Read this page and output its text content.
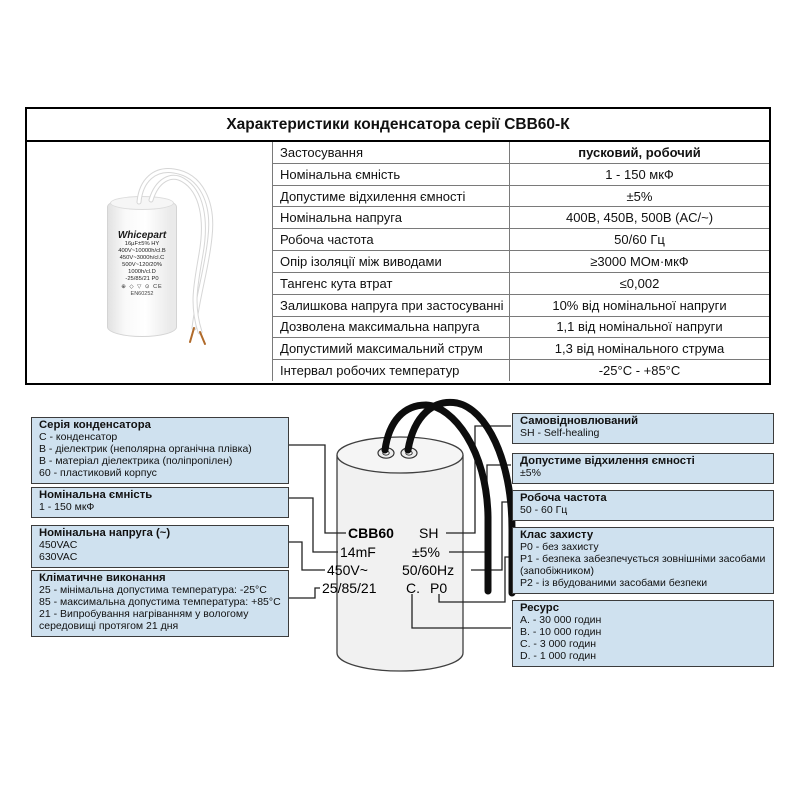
Характеристики конденсатора серії CBB60-К
Whicepart
16µF±5% HY
400V~10000h/cl.B
450V~3000h/cl.C
500V~120/20%
1000h/cl.D
-25/85/21 P0
⊕ ◇ ▽ ⊙ CE
EN60252
Застосування	пусковий, робочий
Номінальна ємність	1 - 150 мкФ
Допустиме відхилення ємності	±5%
Номінальна напруга	400В, 450В, 500В (AC/~)
Робоча частота	50/60 Гц
Опір ізоляції між виводами	≥3000 МОм·мкФ
Тангенс кута втрат	≤0,002
Залишкова напруга при застосуванні	10% від номінальної напруги
Дозволена максимальна напруга	1,1 від номінальної напруги
Допустимий максимальний струм	1,3 від номінального струма
Інтервал робочих температур	-25°C - +85°C
CBB60 SH
14mF	±5%
450V~ 50/60Hz
25/85/21 C. P0
Серія конденсатора
C - конденсатор
B - діелектрик (неполярна органічна плівка)
B - матеріал діелектрика (поліпропілен)
60 - пластиковий корпус
Номінальна ємність
1 - 150 мкФ
Номінальна напруга (~)
450VAC
630VAC
Кліматичне виконання
25 - мінімальна допустима температура: -25°C
85 - максимальна допустима температура: +85°C
21 - Випробування нагріванням у вологому середовищі протягом 21 дня
Самовідновлюваний
SH - Self-healing
Допустиме відхилення ємності
±5%
Робоча частота
50 - 60 Гц
Клас захисту
P0 - без захисту
P1 - безпека забезпечується зовнішніми засобами (запобіжником)
P2 - із вбудованими засобами безпеки
Ресурс
A. - 30 000 годин
B. - 10 000 годин
C. - 3 000 годин
D. - 1 000 годин
